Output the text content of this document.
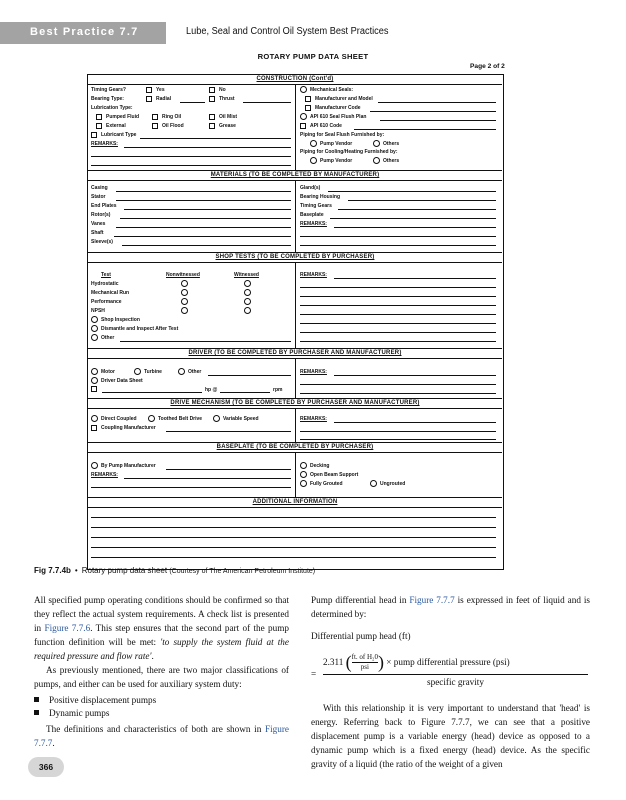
Best Practice 7.7	Lube, Seal and Control Oil System Best Practices
ROTARY PUMP DATA SHEET
Page 2 of 2
CONSTRUCTION (Cont'd)
Timing Gears?	Yes	No
Bearing Type:	Radial	Thrust
Lubrication Type:
Pumped Fluid	Ring Oil	Oil Mist
External	Oil Flood	Grease
Lubricant Type
REMARKS:
Mechanical Seals:
Manufacturer and Model
Manufacturer Code
API 610 Seal Flush Plan
API 610 Code
Piping for Seal Flush Furnished by:
Pump Vendor	Others
Piping for Cooling/Heating Furnished by:
Pump Vendor	Others
MATERIALS (TO BE COMPLETED BY MANUFACTURER)
Casing
Stator
End Plates
Rotor(s)
Vanes
Shaft
Sleeve(s)
Gland(s)
Bearing Housing
Timing Gears
Baseplate
REMARKS:
SHOP TESTS (TO BE COMPLETED BY PURCHASER)
Test	Nonwitnessed	Witnessed
Hydrostatic
Mechanical Run
Performance
NPSH
Shop Inspection
Dismantle and Inspect After Test
Other
REMARKS:
DRIVER (TO BE COMPLETED BY PURCHASER AND MANUFACTURER)
Motor	Turbine	Other
Driver Data Sheet
hp @	rpm
REMARKS:
DRIVE MECHANISM (TO BE COMPLETED BY PURCHASER AND MANUFACTURER)
Direct Coupled	Toothed Belt Drive	Variable Speed
Coupling Manufacturer
REMARKS:
BASEPLATE (TO BE COMPLETED BY PURCHASER)
By Pump Manufacturer
REMARKS:
Decking
Open Beam Support
Fully Grouted	Ungrouted
ADDITIONAL INFORMATION
Fig 7.7.4b • Rotary pump data sheet (Courtesy of The American Petroleum Institute)

All specified pump operating conditions should be confirmed so that they reflect the actual system requirements. A check list is presented in Figure 7.7.6. This step ensures that the second part of the pump function definition will be met: 'to supply the system fluid at the required pressure and flow rate'.

As previously mentioned, there are two major classifications of pumps, and either can be used for auxiliary system duty:

Positive displacement pumps
Dynamic pumps

The definitions and characteristics of both are shown in Figure 7.7.7.

Pump differential head in Figure 7.7.7 is expressed in feet of liquid and is determined by:

Differential pump head (ft)
2.311 ( ft. of H₂0
psi ) × pump differential pressure (psi)
=
specific gravity

With this relationship it is very important to understand that 'head' is energy. Referring back to Figure 7.7.7, we can see that a positive displacement pump is a variable energy (head) device as opposed to a dynamic pump which is a fixed energy (head) device. As the specific gravity of a liquid (the ratio of the weight of a given

366
